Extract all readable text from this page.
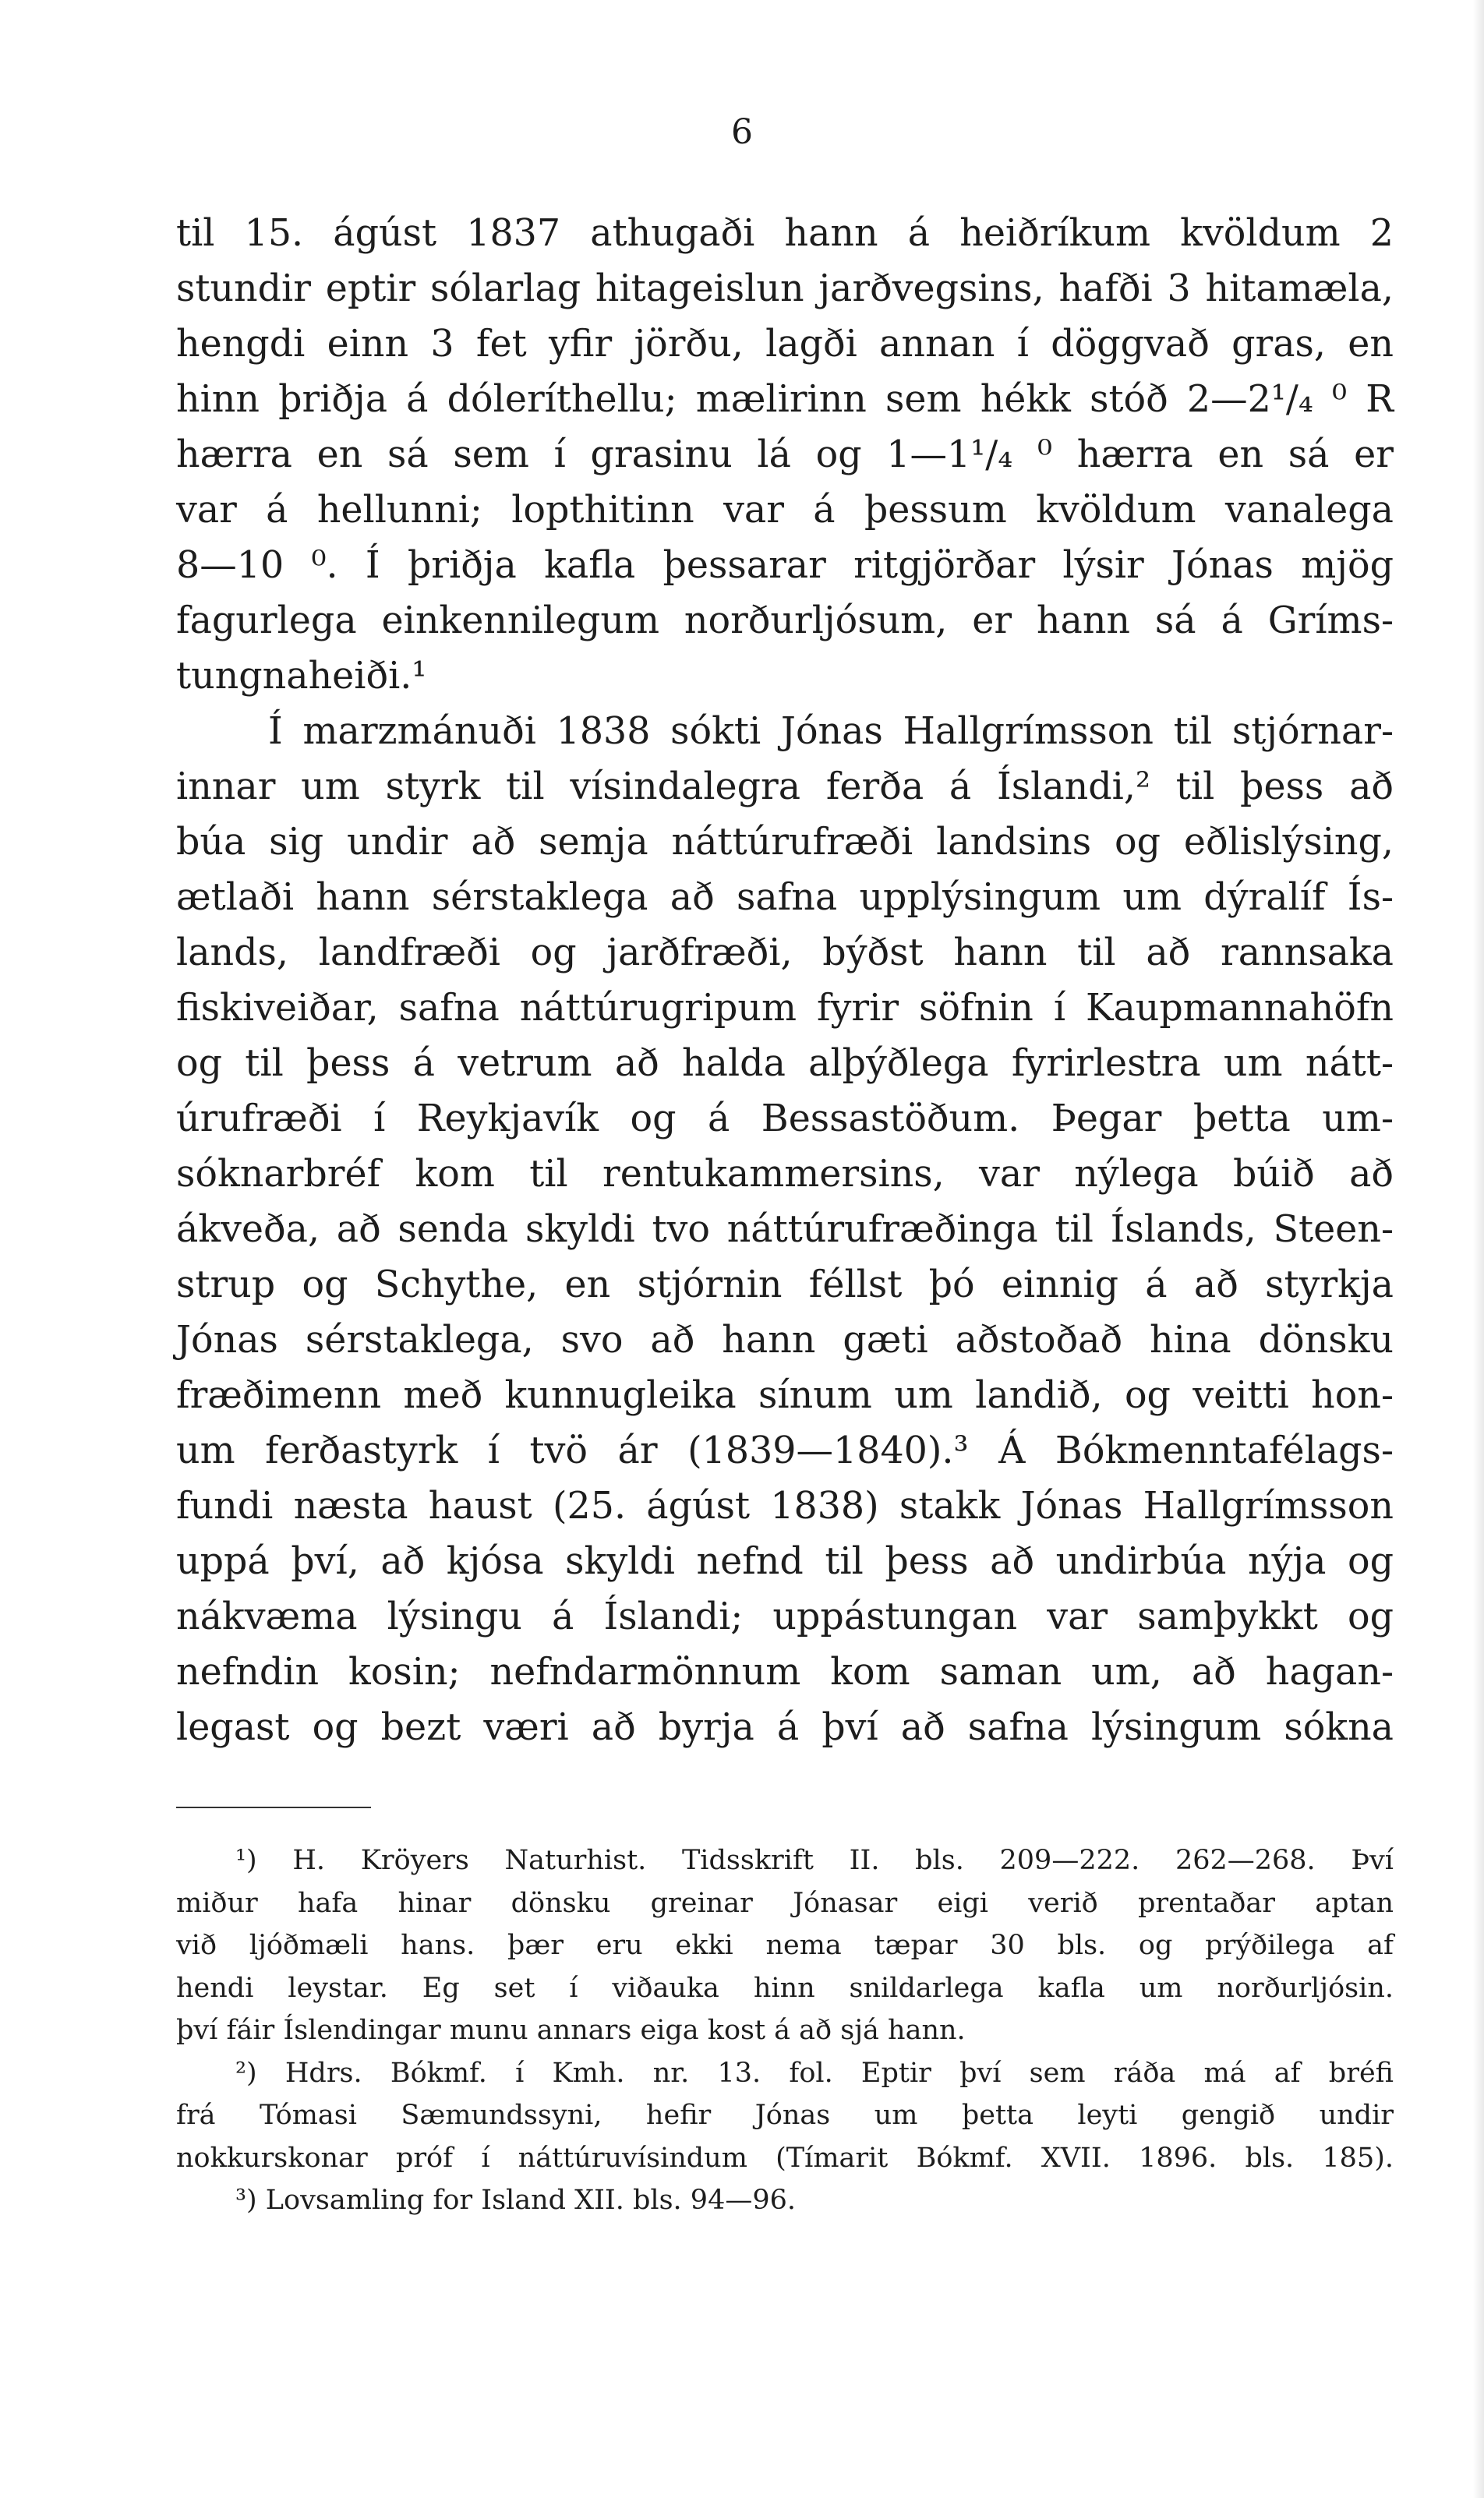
6
til 15. ágúst 1837 athugaði hann á heiðríkum kvöldum 2
stundir eptir sólarlag hitageislun jarðvegsins, hafði 3 hitamæla,
hengdi einn 3 fet yfir jörðu, lagði annan í döggvað gras, en
hinn þriðja á dóleríthellu; mælirinn sem hékk stóð 2—2¹/₄ ⁰ R
hærra en sá sem í grasinu lá og 1—1¹/₄ ⁰ hærra en sá er
var á hellunni; lopthitinn var á þessum kvöldum vanalega
8—10 ⁰. Í þriðja kafla þessarar ritgjörðar lýsir Jónas mjög
fagurlega einkennilegum norðurljósum, er hann sá á Gríms-
tungnaheiði.¹
Í marzmánuði 1838 sókti Jónas Hallgrímsson til stjórnar-
innar um styrk til vísindalegra ferða á Íslandi,² til þess að
búa sig undir að semja náttúrufræði landsins og eðlislýsing,
ætlaði hann sérstaklega að safna upplýsingum um dýralíf Ís-
lands, landfræði og jarðfræði, býðst hann til að rannsaka
fiskiveiðar, safna náttúrugripum fyrir söfnin í Kaupmannahöfn
og til þess á vetrum að halda alþýðlega fyrirlestra um nátt-
úrufræði í Reykjavík og á Bessastöðum. Þegar þetta um-
sóknarbréf kom til rentukammersins, var nýlega búið að
ákveða, að senda skyldi tvo náttúrufræðinga til Íslands, Steen-
strup og Schythe, en stjórnin féllst þó einnig á að styrkja
Jónas sérstaklega, svo að hann gæti aðstoðað hina dönsku
fræðimenn með kunnugleika sínum um landið, og veitti hon-
um ferðastyrk í tvö ár (1839—1840).³ Á Bókmenntafélags-
fundi næsta haust (25. ágúst 1838) stakk Jónas Hallgrímsson
uppá því, að kjósa skyldi nefnd til þess að undirbúa nýja og
nákvæma lýsingu á Íslandi; uppástungan var samþykkt og
nefndin kosin; nefndarmönnum kom saman um, að hagan-
legast og bezt væri að byrja á því að safna lýsingum sókna
¹) H. Kröyers Naturhist. Tidsskrift II. bls. 209—222. 262—268. Því
miður hafa hinar dönsku greinar Jónasar eigi verið prentaðar aptan
við ljóðmæli hans. þær eru ekki nema tæpar 30 bls. og prýðilega af
hendi leystar. Eg set í viðauka hinn snildarlega kafla um norðurljósin.
því fáir Íslendingar munu annars eiga kost á að sjá hann.
²) Hdrs. Bókmf. í Kmh. nr. 13. fol. Eptir því sem ráða má af bréfi
frá Tómasi Sæmundssyni, hefir Jónas um þetta leyti gengið undir
nokkurskonar próf í náttúruvísindum (Tímarit Bókmf. XVII. 1896. bls. 185).
³) Lovsamling for Island XII. bls. 94—96.
